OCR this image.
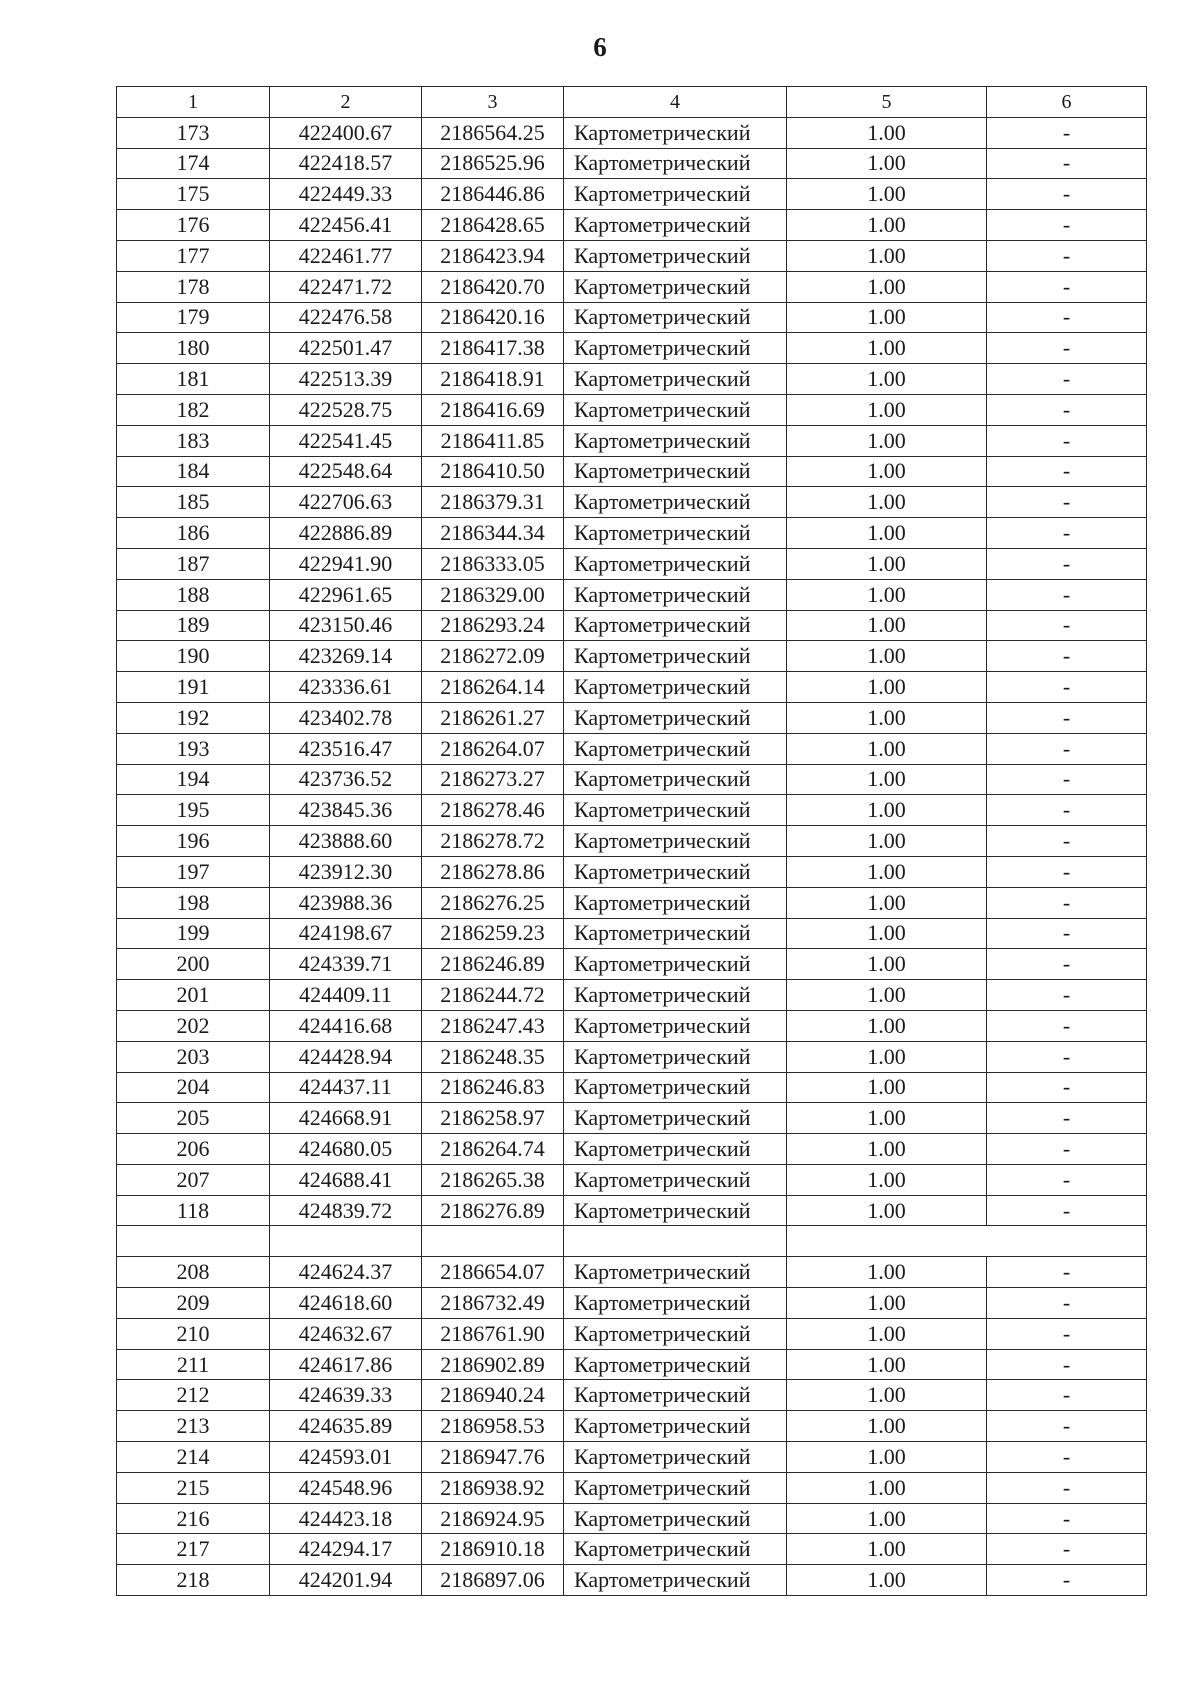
6
1	2	3	4	5	6
173	422400.67	2186564.25	Картометрический	1.00	-
174	422418.57	2186525.96	Картометрический	1.00	-
175	422449.33	2186446.86	Картометрический	1.00	-
176	422456.41	2186428.65	Картометрический	1.00	-
177	422461.77	2186423.94	Картометрический	1.00	-
178	422471.72	2186420.70	Картометрический	1.00	-
179	422476.58	2186420.16	Картометрический	1.00	-
180	422501.47	2186417.38	Картометрический	1.00	-
181	422513.39	2186418.91	Картометрический	1.00	-
182	422528.75	2186416.69	Картометрический	1.00	-
183	422541.45	2186411.85	Картометрический	1.00	-
184	422548.64	2186410.50	Картометрический	1.00	-
185	422706.63	2186379.31	Картометрический	1.00	-
186	422886.89	2186344.34	Картометрический	1.00	-
187	422941.90	2186333.05	Картометрический	1.00	-
188	422961.65	2186329.00	Картометрический	1.00	-
189	423150.46	2186293.24	Картометрический	1.00	-
190	423269.14	2186272.09	Картометрический	1.00	-
191	423336.61	2186264.14	Картометрический	1.00	-
192	423402.78	2186261.27	Картометрический	1.00	-
193	423516.47	2186264.07	Картометрический	1.00	-
194	423736.52	2186273.27	Картометрический	1.00	-
195	423845.36	2186278.46	Картометрический	1.00	-
196	423888.60	2186278.72	Картометрический	1.00	-
197	423912.30	2186278.86	Картометрический	1.00	-
198	423988.36	2186276.25	Картометрический	1.00	-
199	424198.67	2186259.23	Картометрический	1.00	-
200	424339.71	2186246.89	Картометрический	1.00	-
201	424409.11	2186244.72	Картометрический	1.00	-
202	424416.68	2186247.43	Картометрический	1.00	-
203	424428.94	2186248.35	Картометрический	1.00	-
204	424437.11	2186246.83	Картометрический	1.00	-
205	424668.91	2186258.97	Картометрический	1.00	-
206	424680.05	2186264.74	Картометрический	1.00	-
207	424688.41	2186265.38	Картометрический	1.00	-
118	424839.72	2186276.89	Картометрический	1.00	-

208	424624.37	2186654.07	Картометрический	1.00	-
209	424618.60	2186732.49	Картометрический	1.00	-
210	424632.67	2186761.90	Картометрический	1.00	-
211	424617.86	2186902.89	Картометрический	1.00	-
212	424639.33	2186940.24	Картометрический	1.00	-
213	424635.89	2186958.53	Картометрический	1.00	-
214	424593.01	2186947.76	Картометрический	1.00	-
215	424548.96	2186938.92	Картометрический	1.00	-
216	424423.18	2186924.95	Картометрический	1.00	-
217	424294.17	2186910.18	Картометрический	1.00	-
218	424201.94	2186897.06	Картометрический	1.00	-
